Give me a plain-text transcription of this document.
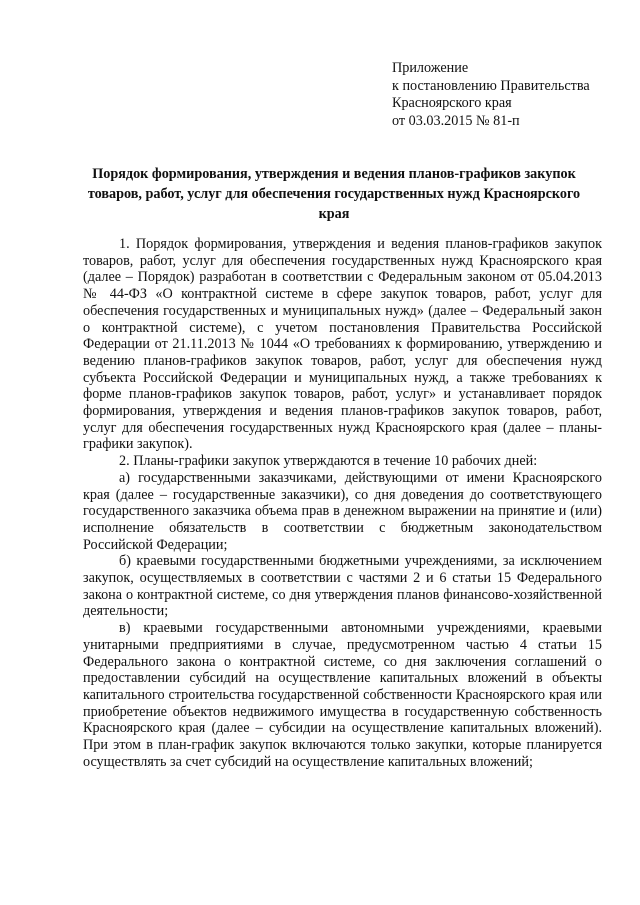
Приложение
к постановлению Правительства
Красноярского края
от 03.03.2015 № 81-п
Порядок формирования, утверждения и ведения планов-графиков закупок товаров, работ, услуг для обеспечения государственных нужд Красноярского края

1. Порядок формирования, утверждения и ведения планов-графиков закупок товаров, работ, услуг для обеспечения государственных нужд Красноярского края (далее – Порядок) разработан в соответствии с Федеральным законом от 05.04.2013 № 44-ФЗ «О контрактной системе в сфере закупок товаров, работ, услуг для обеспечения государственных и муниципальных нужд» (далее – Федеральный закон о контрактной системе), с учетом постановления Правительства Российской Федерации от 21.11.2013 № 1044 «О требованиях к формированию, утверждению и ведению планов-графиков закупок товаров, работ, услуг для обеспечения нужд субъекта Российской Федерации и муниципальных нужд, а также требованиях к форме планов-графиков закупок товаров, работ, услуг» и устанавливает порядок формирования, утверждения и ведения планов-графиков закупок товаров, работ, услуг для обеспечения государственных нужд Красноярского края (далее – планы-графики закупок).

2. Планы-графики закупок утверждаются в течение 10 рабочих дней:

а) государственными заказчиками, действующими от имени Красноярского края (далее – государственные заказчики), со дня доведения до соответствующего государственного заказчика объема прав в денежном выражении на принятие и (или) исполнение обязательств в соответствии с бюджетным законодательством Российской Федерации;

б) краевыми государственными бюджетными учреждениями, за исключением закупок, осуществляемых в соответствии с частями 2 и 6 статьи 15 Федерального закона о контрактной системе, со дня утверждения планов финансово-хозяйственной деятельности;

в) краевыми государственными автономными учреждениями, краевыми унитарными предприятиями в случае, предусмотренном частью 4 статьи 15 Федерального закона о контрактной системе, со дня заключения соглашений о предоставлении субсидий на осуществление капитальных вложений в объекты капитального строительства государственной собственности Красноярского края или приобретение объектов недвижимого имущества в государственную собственность Красноярского края (далее – субсидии на осуществление капитальных вложений). При этом в план-график закупок включаются только закупки, которые планируется осуществлять за счет субсидий на осуществление капитальных вложений;
